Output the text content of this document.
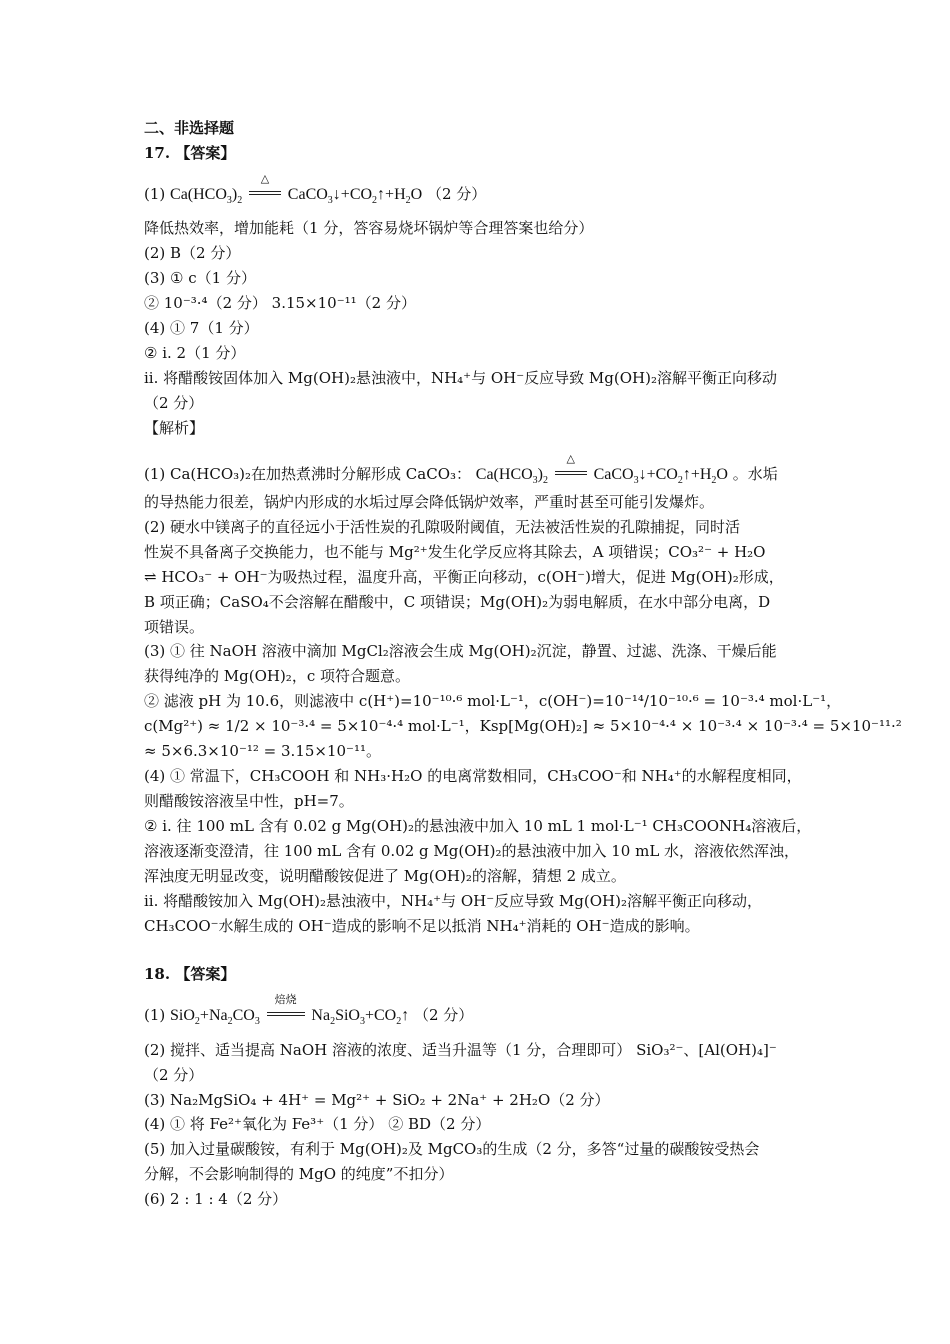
二、非选择题
17. 【答案】
(1) $Ca(HCO_3)_2$
△
$CaCO_3↓+CO_2↑+H_2O$ （2 分）
降低热效率，增加能耗（1 分，答容易烧坏锅炉等合理答案也给分）
(2) B（2 分）
(3) ① c（1 分）
② 10⁻³·⁴（2 分） 3.15×10⁻¹¹（2 分）
(4) ① 7（1 分）
② i. 2（1 分）
ii. 将醋酸铵固体加入 Mg(OH)₂悬浊液中，NH₄⁺与 OH⁻反应导致 Mg(OH)₂溶解平衡正向移动
（2 分）
【解析】
(1) Ca(HCO₃)₂在加热煮沸时分解形成 CaCO₃： $Ca(HCO_3)_2$
△
$CaCO_3↓+CO_2↑+H_2O$ 。水垢
的导热能力很差，锅炉内形成的水垢过厚会降低锅炉效率，严重时甚至可能引发爆炸。
(2) 硬水中镁离子的直径远小于活性炭的孔隙吸附阈值，无法被活性炭的孔隙捕捉，同时活
性炭不具备离子交换能力，也不能与 Mg²⁺发生化学反应将其除去，A 项错误；CO₃²⁻ + H₂O
⇌ HCO₃⁻ + OH⁻为吸热过程，温度升高，平衡正向移动，c(OH⁻)增大，促进 Mg(OH)₂形成，
B 项正确；CaSO₄不会溶解在醋酸中，C 项错误；Mg(OH)₂为弱电解质，在水中部分电离，D
项错误。
(3) ① 往 NaOH 溶液中滴加 MgCl₂溶液会生成 Mg(OH)₂沉淀，静置、过滤、洗涤、干燥后能
获得纯净的 Mg(OH)₂，c 项符合题意。
② 滤液 pH 为 10.6，则滤液中 c(H⁺)=10⁻¹⁰·⁶ mol·L⁻¹，c(OH⁻)=10⁻¹⁴/10⁻¹⁰·⁶ = 10⁻³·⁴ mol·L⁻¹，
c(Mg²⁺) ≈ 1/2 × 10⁻³·⁴ = 5×10⁻⁴·⁴ mol·L⁻¹，Ksp[Mg(OH)₂] ≈ 5×10⁻⁴·⁴ × 10⁻³·⁴ × 10⁻³·⁴ = 5×10⁻¹¹·²
≈ 5×6.3×10⁻¹² = 3.15×10⁻¹¹。
(4) ① 常温下，CH₃COOH 和 NH₃·H₂O 的电离常数相同，CH₃COO⁻和 NH₄⁺的水解程度相同，
则醋酸铵溶液呈中性，pH=7。
② i. 往 100 mL 含有 0.02 g Mg(OH)₂的悬浊液中加入 10 mL 1 mol·L⁻¹ CH₃COONH₄溶液后，
溶液逐渐变澄清，往 100 mL 含有 0.02 g Mg(OH)₂的悬浊液中加入 10 mL 水，溶液依然浑浊，
浑浊度无明显改变，说明醋酸铵促进了 Mg(OH)₂的溶解，猜想 2 成立。
ii. 将醋酸铵加入 Mg(OH)₂悬浊液中，NH₄⁺与 OH⁻反应导致 Mg(OH)₂溶解平衡正向移动，
CH₃COO⁻水解生成的 OH⁻造成的影响不足以抵消 NH₄⁺消耗的 OH⁻造成的影响。
18. 【答案】
(1) $SiO_2+Na_2CO_3$
焙烧
$Na_2SiO_3+CO_2↑$ （2 分）
(2) 搅拌、适当提高 NaOH 溶液的浓度、适当升温等（1 分，合理即可） SiO₃²⁻、[Al(OH)₄]⁻
（2 分）
(3) Na₂MgSiO₄ + 4H⁺ = Mg²⁺ + SiO₂ + 2Na⁺ + 2H₂O（2 分）
(4) ① 将 Fe²⁺氧化为 Fe³⁺（1 分） ② BD（2 分）
(5) 加入过量碳酸铵，有利于 Mg(OH)₂及 MgCO₃的生成（2 分，多答“过量的碳酸铵受热会
分解，不会影响制得的 MgO 的纯度”不扣分）
(6) 2 : 1 : 4（2 分）
